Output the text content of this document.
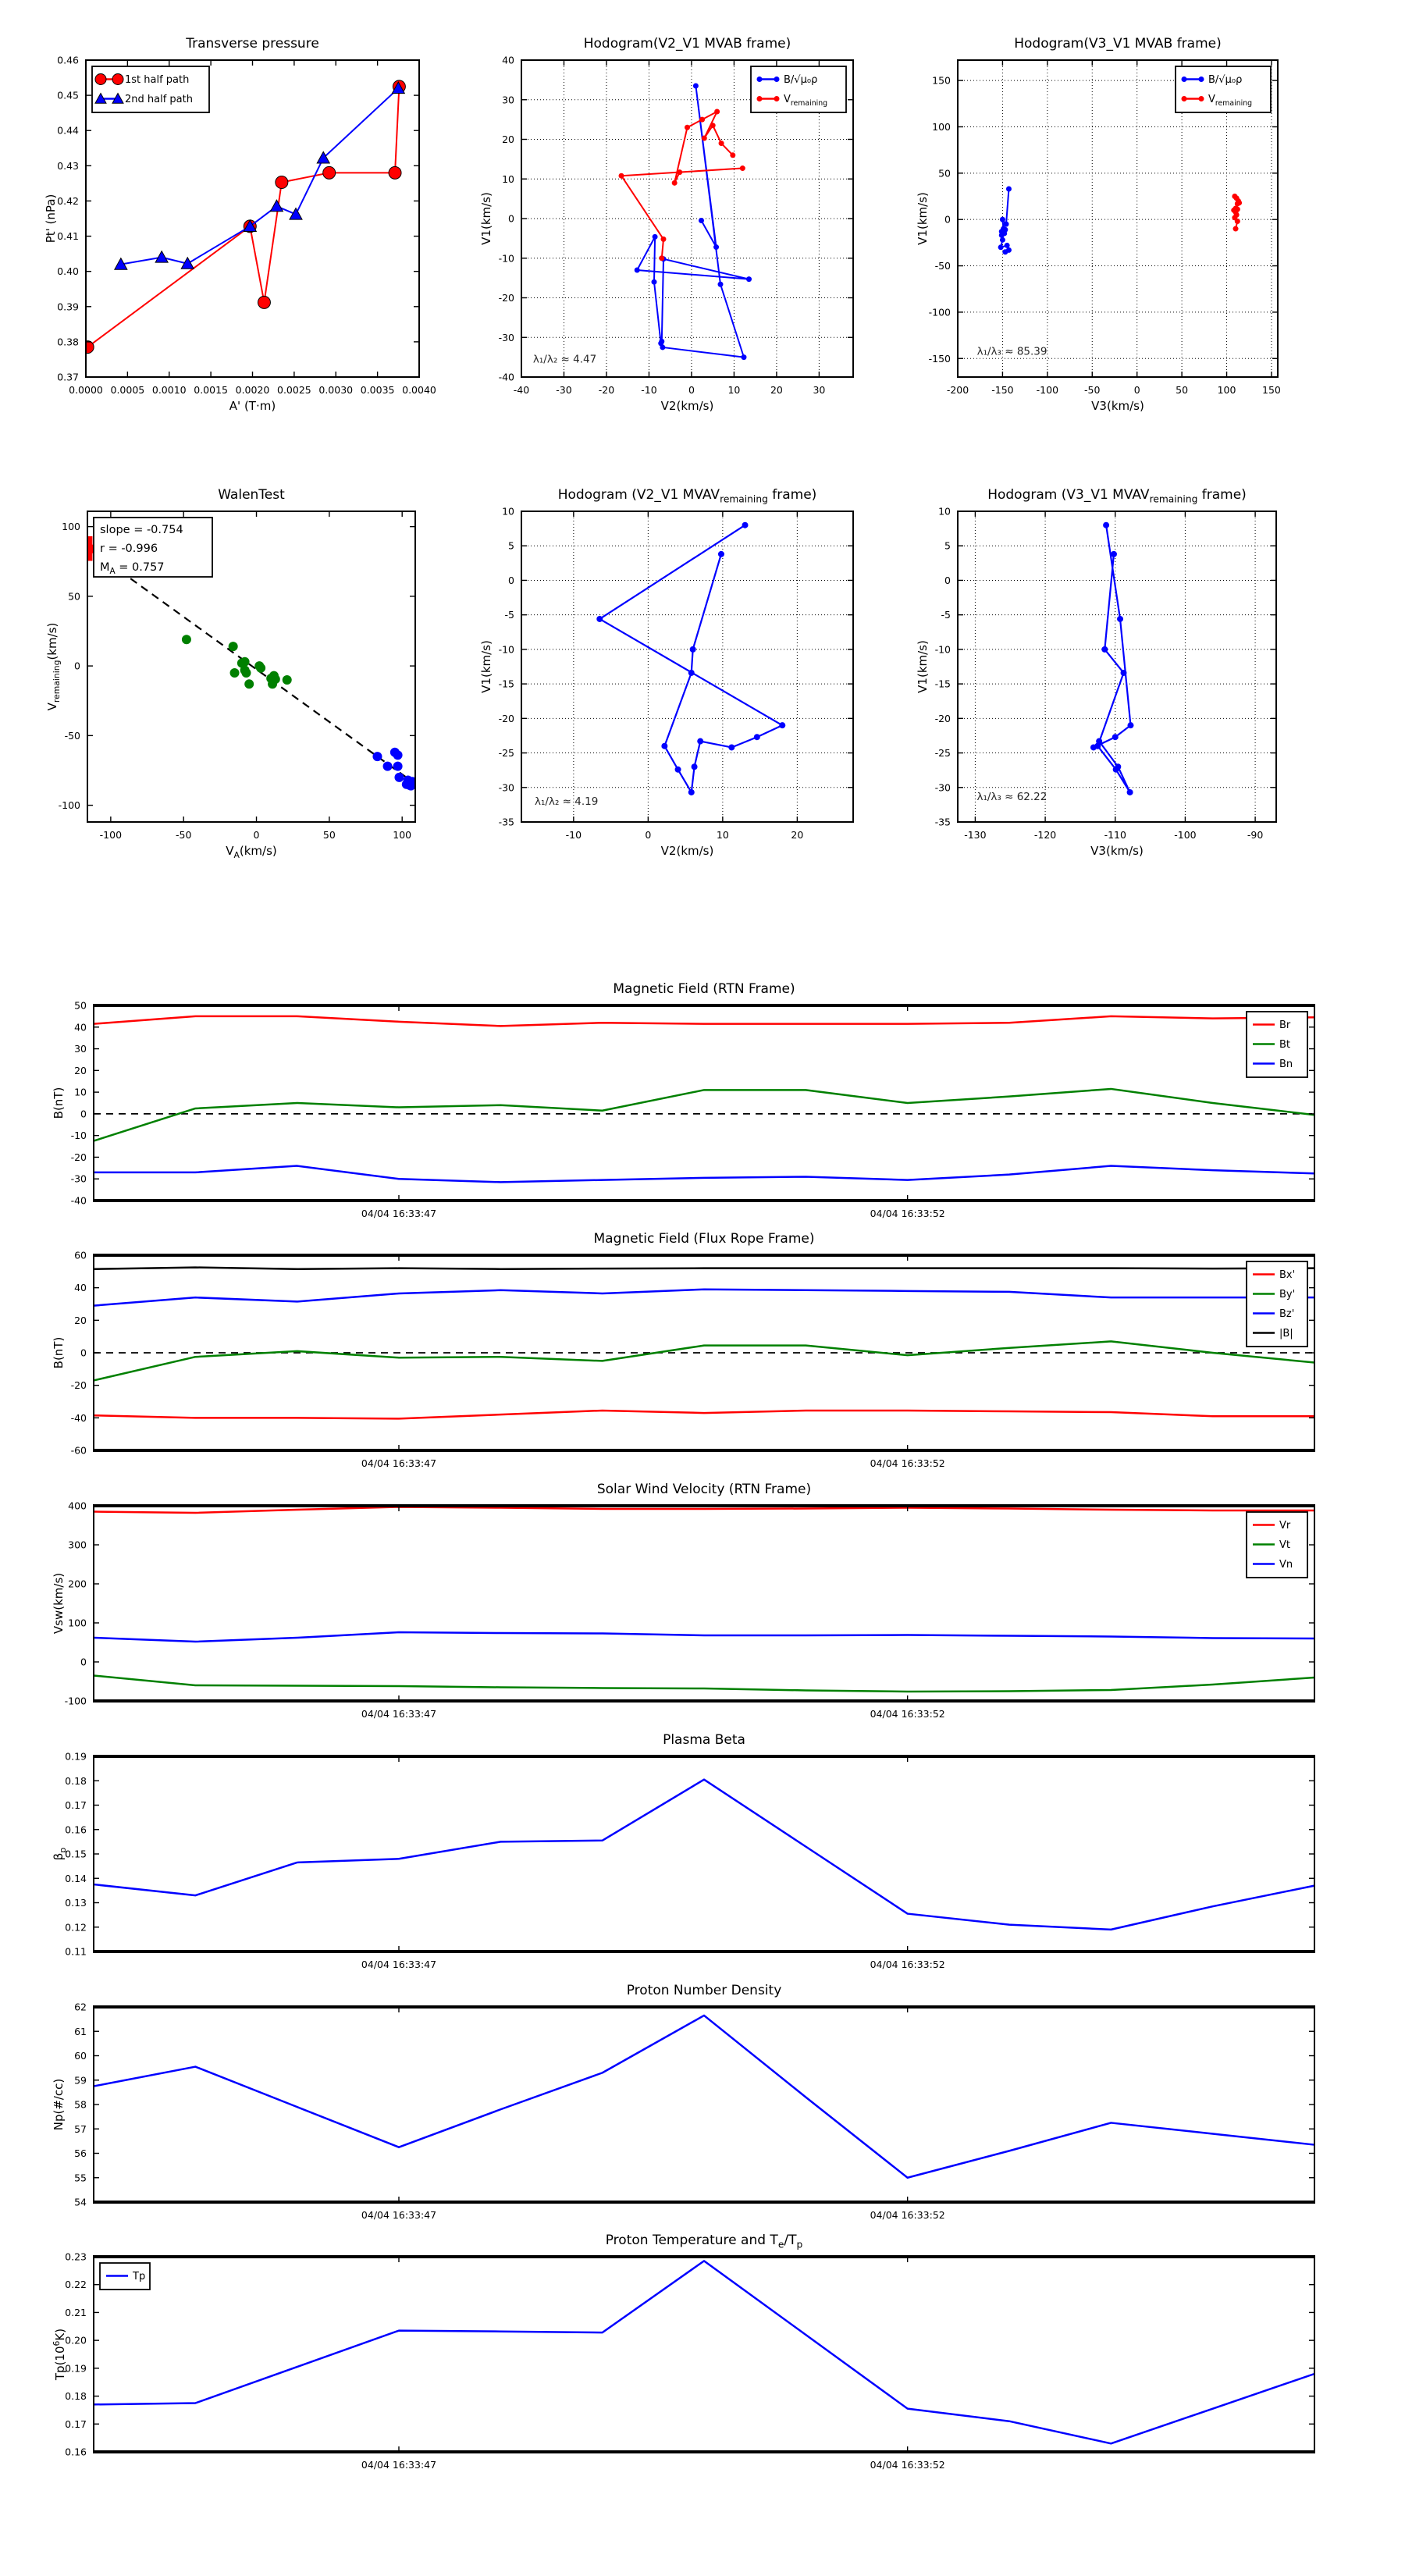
0.0000 0.0005 0.0010 0.0015 0.0020 0.0025 0.0030 0.0035 0.0040
0.37
0.38
0.39
0.40
0.41
0.42
0.43
0.44
0.45
0.46
1st half path
2nd half path
Transverse pressure
Pt' (nPa)
A' (T·m)
-40	-30	-20	-10	0	10	20	30
-40
-30
-20
-10
0
10
20
30
40
λ₁/λ₂ ≈ 4.47
B/√μ₀ρ
$V_{remaining}$
Hodogram(V2_V1 MVAB frame)
V1(km/s)
V2(km/s)
-200 -150 -100	-50	0	50	100	150
-150
-100
-50
0
50
100
150
λ₁/λ₃ ≈ 85.39
B/√μ₀ρ
$V_{remaining}$
Hodogram(V3_V1 MVAB frame)
V1(km/s)
V3(km/s)
-100	-50	0	50	100
-100
-50
0
50
100 slope = -0.754
r = -0.996
$M_A = 0.757$
WalenTest
$V_{remaining}(km/s)$
$V_A(km/s)$
-10	0	10	20
-35
-30
-25
-20
-15
-10
-5
0
5
10
λ₁/λ₂ ≈ 4.19
Hodogram (V2_V1 $MVAV_{remaining}$ frame)
V1(km/s)
V2(km/s)
-130	-120	-110	-100	-90
-35
-30
-25
-20
-15
-10
-5
0
5
10
λ₁/λ₃ ≈ 62.22
Hodogram (V3_V1 $MVAV_{remaining}$ frame)
V1(km/s)
V3(km/s)
04/04 16:33:47	04/04 16:33:52
-40
-30
-20
-10
0
10
20
30
40
50
Br
Bt
Bn
Magnetic Field (RTN Frame)
B(nT)
04/04 16:33:47	04/04 16:33:52
-60
-40
-20
0
20
40
60
Bx'
By'
Bz'
|B|
Magnetic Field (Flux Rope Frame)
B(nT)
04/04 16:33:47	04/04 16:33:52
-100
0
100
200
300
400
Vr
Vt
Vn
Solar Wind Velocity (RTN Frame)
Vsw(km/s)
04/04 16:33:47	04/04 16:33:52
0.11
0.12
0.13
0.14
0.15
0.16
0.17
0.18
0.19
Plasma Beta
$\beta_p$
04/04 16:33:47	04/04 16:33:52
54
55
56
57
58
59
60
61
62
Proton Number Density
Np(#/cc)
04/04 16:33:47	04/04 16:33:52
0.16
0.17
0.18
0.19
0.20
0.21
0.22
0.23
Tp
Proton Temperature and $T_e/T_p$
$Tp(10^6K)$
